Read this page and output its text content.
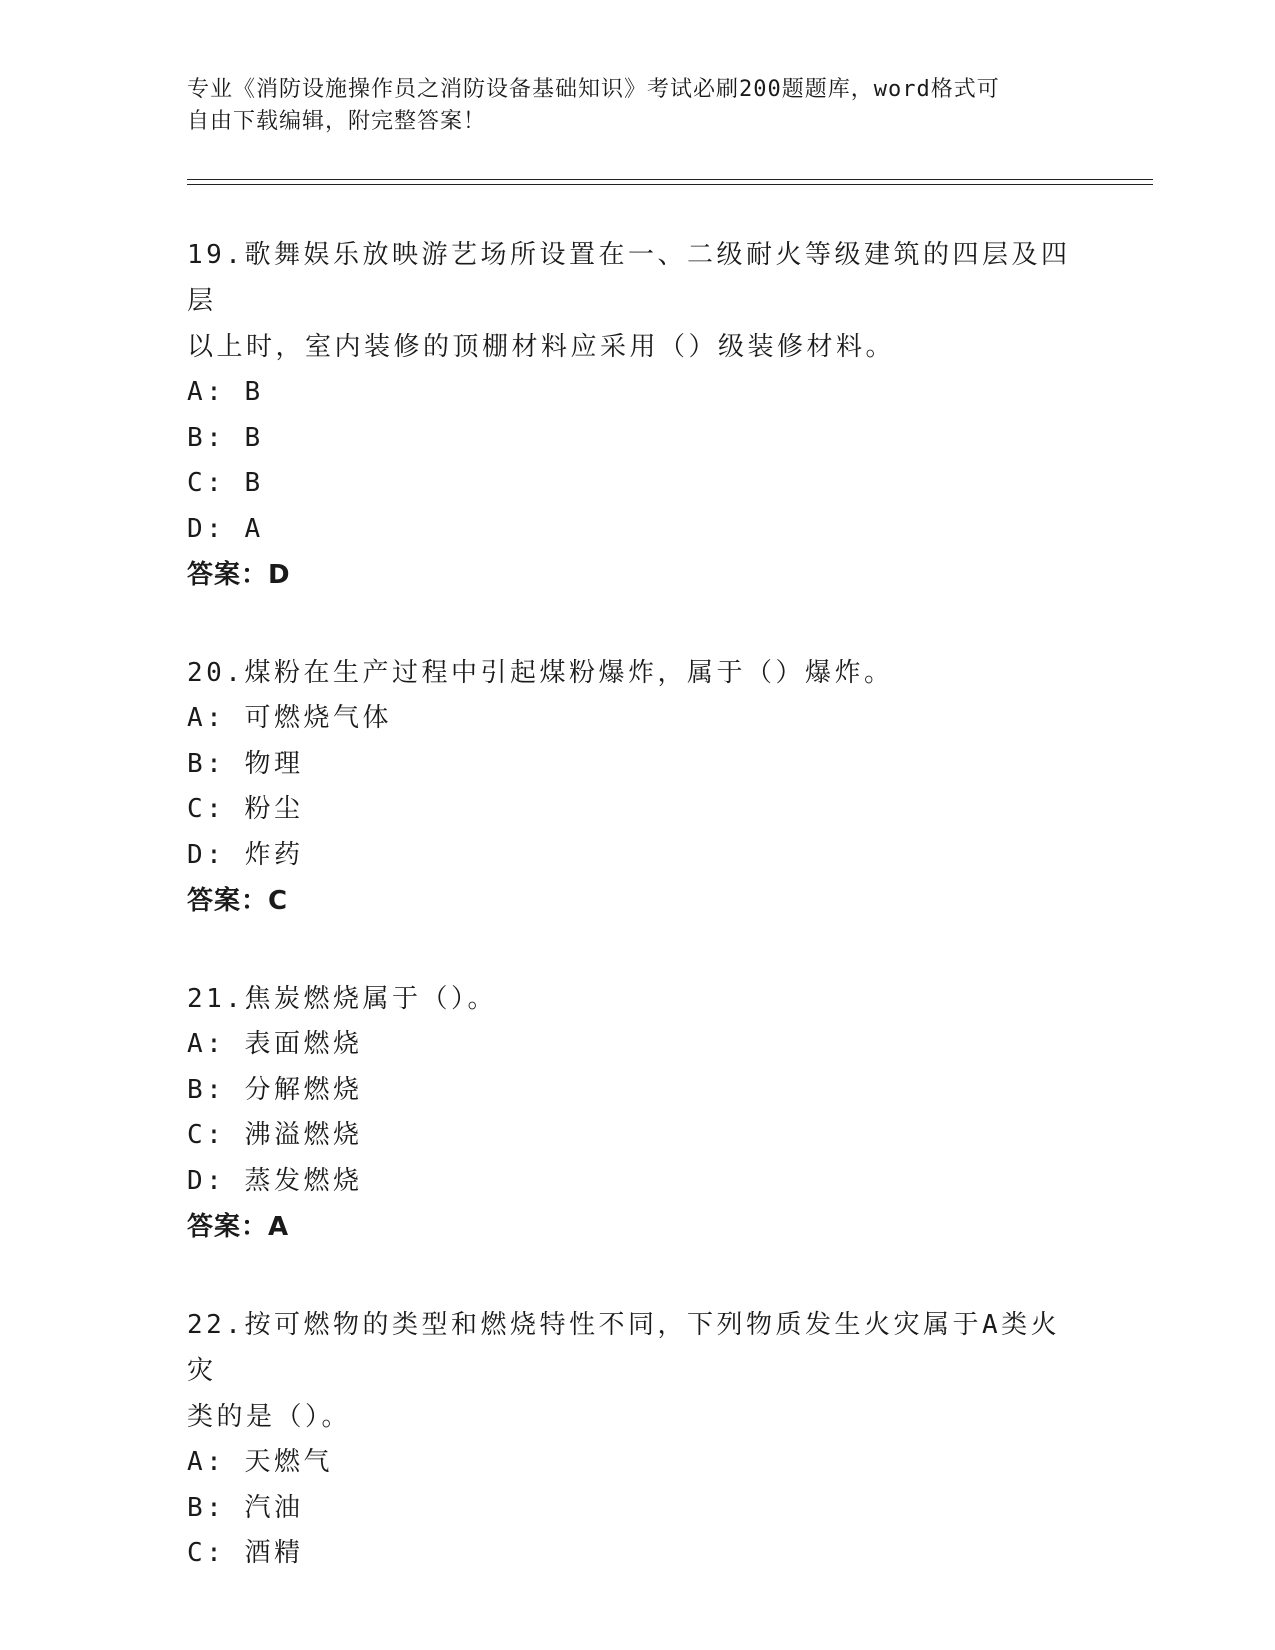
专业《消防设施操作员之消防设备基础知识》考试必刷200题题库，word格式可
自由下载编辑，附完整答案！
19.歌舞娱乐放映游艺场所设置在一、二级耐火等级建筑的四层及四层
以上时，室内装修的顶棚材料应采用（）级装修材料。
A: B
B: B
C: B
D: A
答案：D
20.煤粉在生产过程中引起煤粉爆炸，属于（）爆炸。
A: 可燃烧气体
B: 物理
C: 粉尘
D: 炸药
答案：C
21.焦炭燃烧属于（）。
A: 表面燃烧
B: 分解燃烧
C: 沸溢燃烧
D: 蒸发燃烧
答案：A
22.按可燃物的类型和燃烧特性不同，下列物质发生火灾属于A类火灾
类的是（）。
A: 天燃气
B: 汽油
C: 酒精
